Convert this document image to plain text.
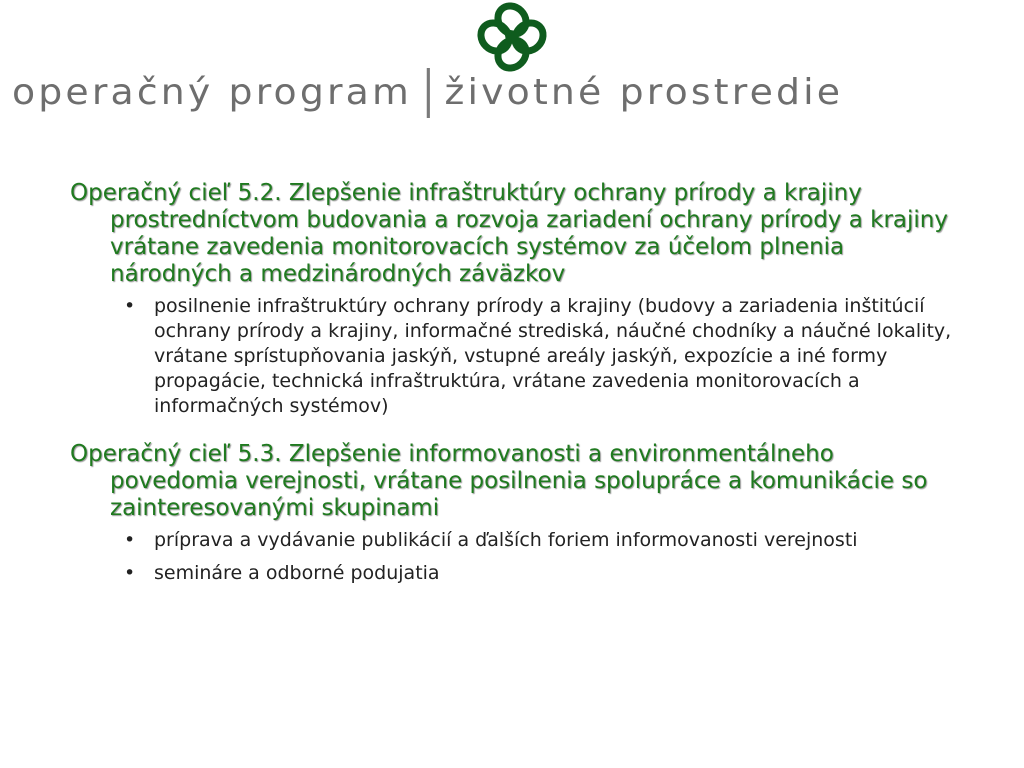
operačný program životné prostredie
Operačný cieľ 5.2. Zlepšenie infraštruktúry ochrany prírody a krajiny prostredníctvom budovania a rozvoja zariadení ochrany prírody a krajiny vrátane zavedenia monitorovacích systémov za účelom plnenia národných a medzinárodných záväzkov
• posilnenie infraštruktúry ochrany prírody a krajiny (budovy a zariadenia inštitúcií ochrany prírody a krajiny, informačné strediská, náučné chodníky a náučné lokality, vrátane sprístupňovania jaskýň, vstupné areály jaskýň, expozície a iné formy propagácie, technická infraštruktúra, vrátane zavedenia monitorovacích a informačných systémov)
Operačný cieľ 5.3. Zlepšenie informovanosti a environmentálneho povedomia verejnosti, vrátane posilnenia spolupráce a komunikácie so zainteresovanými skupinami
• príprava a vydávanie publikácií a ďalších foriem informovanosti verejnosti
• semináre a odborné podujatia
